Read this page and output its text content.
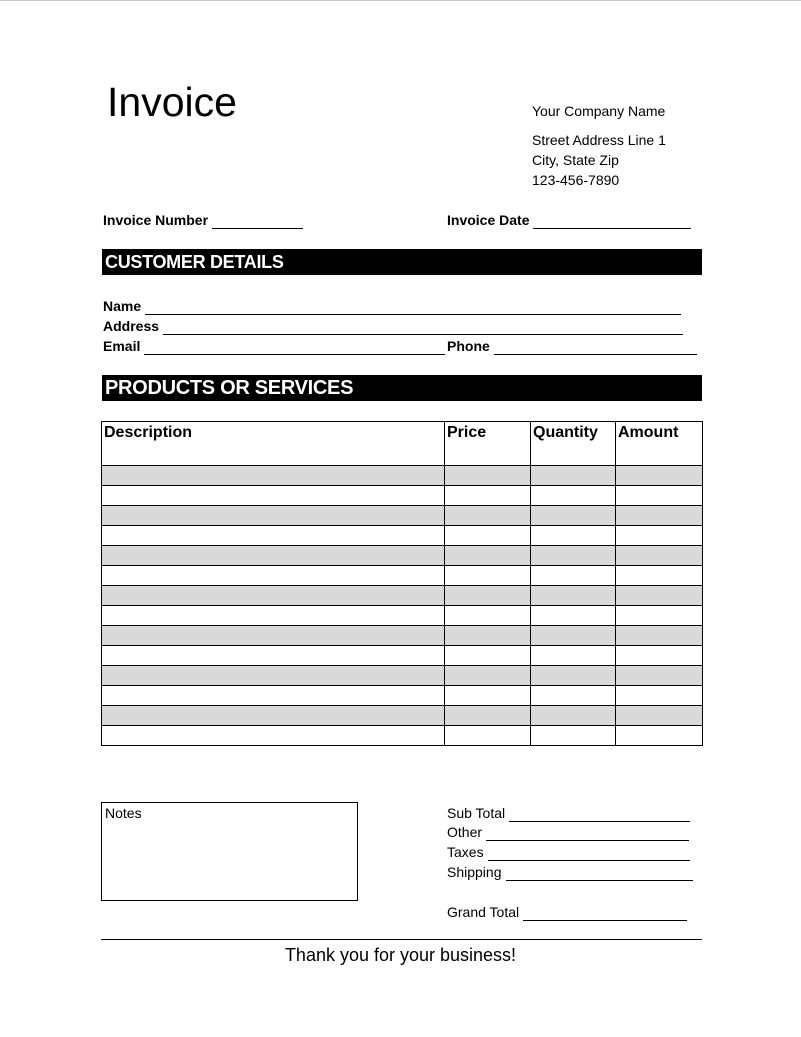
Invoice	Your Company Name
Street Address Line 1
City, State Zip
123-456-7890
Invoice Number	Invoice Date
CUSTOMER DETAILS
Name
Address
Email	Phone
PRODUCTS OR SERVICES
Description	Price	Quantity	Amount

Notes	Sub Total
Other
Taxes
Shipping
Grand Total
Thank you for your business!
